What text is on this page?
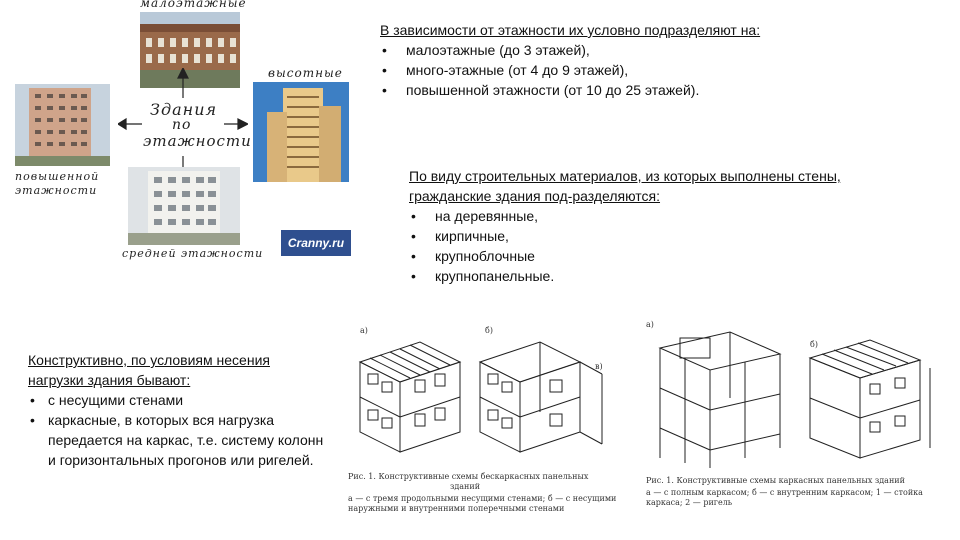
малоэтажные
высотные
повышенной этажности
Здания
по
этажности
средней этажности
Cranny.ru
В зависимости от этажности их условно подразделяют на:
• малоэтажные (до 3 этажей),
• много-этажные (от 4 до 9 этажей),
• повышенной этажности (от 10 до 25 этажей).
По виду строительных материалов, из которых выполнены стены,
гражданские здания под-разделяются:
• на деревянные,
• кирпичные,
• крупноблочные
• крупнопанельные.
Конструктивно, по условиям несения
нагрузки здания бывают:
• с несущими стенами
• каркасные, в которых вся нагрузка передается на каркас, т.е. систему колонн и горизонтальных прогонов или ригелей.
а)	б)
в)
Рис. 1. Конструктивные схемы бескаркасных панельных
зданий
а — с тремя продольными несущими стенами; б — с несущими наружными и внутренними поперечными стенами
а)
б)
Рис. 1. Конструктивные схемы каркасных панельных зданий
а — с полным каркасом; б — с внутренним каркасом; 1 — стойка каркаса; 2 — ригель
